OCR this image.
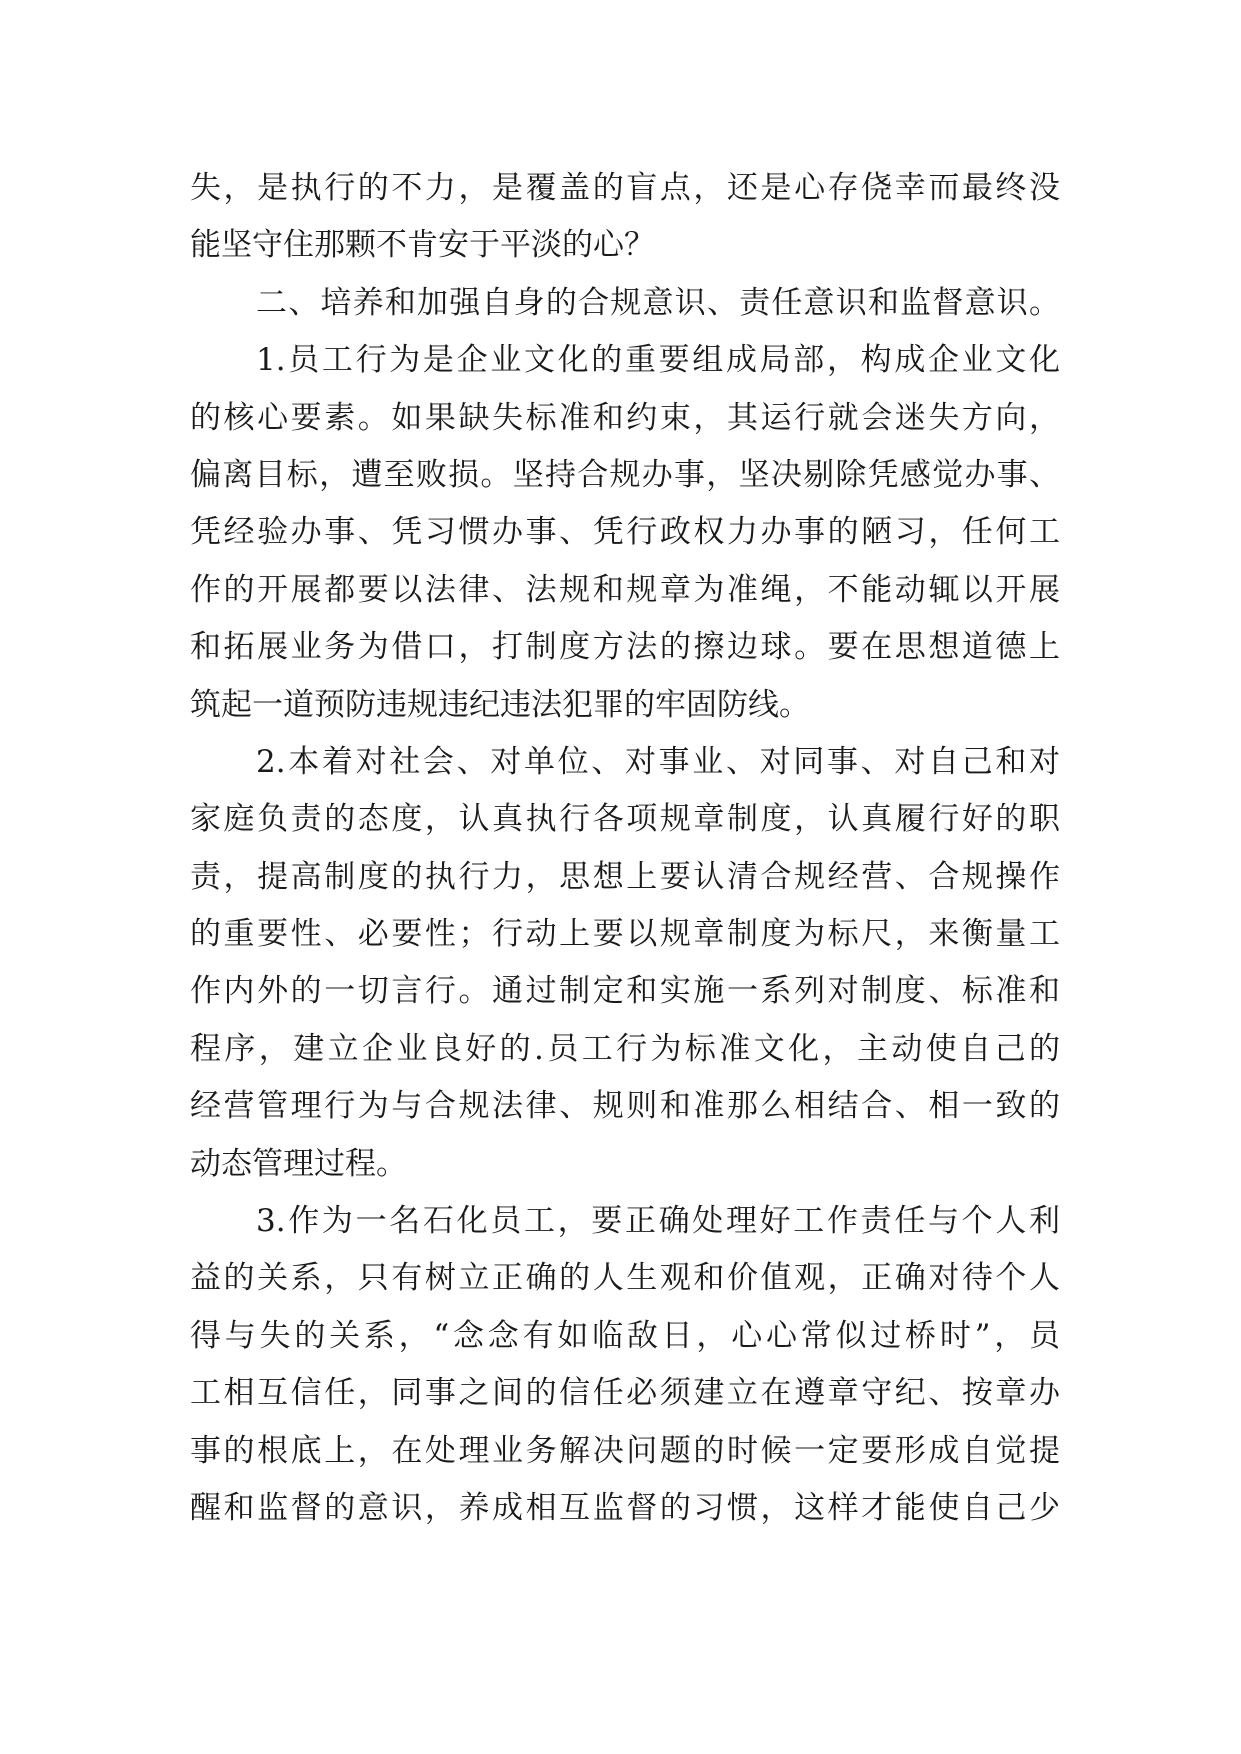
失，是执行的不力，是覆盖的盲点，还是心存侥幸而最终没
能坚守住那颗不肯安于平淡的心？
二、培养和加强自身的合规意识、责任意识和监督意识。
1.员工行为是企业文化的重要组成局部，构成企业文化
的核心要素。如果缺失标准和约束，其运行就会迷失方向，
偏离目标，遭至败损。坚持合规办事，坚决剔除凭感觉办事、
凭经验办事、凭习惯办事、凭行政权力办事的陋习，任何工
作的开展都要以法律、法规和规章为准绳，不能动辄以开展
和拓展业务为借口，打制度方法的擦边球。要在思想道德上
筑起一道预防违规违纪违法犯罪的牢固防线。
2.本着对社会、对单位、对事业、对同事、对自己和对
家庭负责的态度，认真执行各项规章制度，认真履行好的职
责，提高制度的执行力，思想上要认清合规经营、合规操作
的重要性、必要性；行动上要以规章制度为标尺，来衡量工
作内外的一切言行。通过制定和实施一系列对制度、标准和
程序，建立企业良好的.员工行为标准文化，主动使自己的
经营管理行为与合规法律、规则和准那么相结合、相一致的
动态管理过程。
3.作为一名石化员工，要正确处理好工作责任与个人利
益的关系，只有树立正确的人生观和价值观，正确对待个人
得与失的关系，“念念有如临敌日，心心常似过桥时”，员
工相互信任，同事之间的信任必须建立在遵章守纪、按章办
事的根底上，在处理业务解决问题的时候一定要形成自觉提
醒和监督的意识，养成相互监督的习惯，这样才能使自己少
